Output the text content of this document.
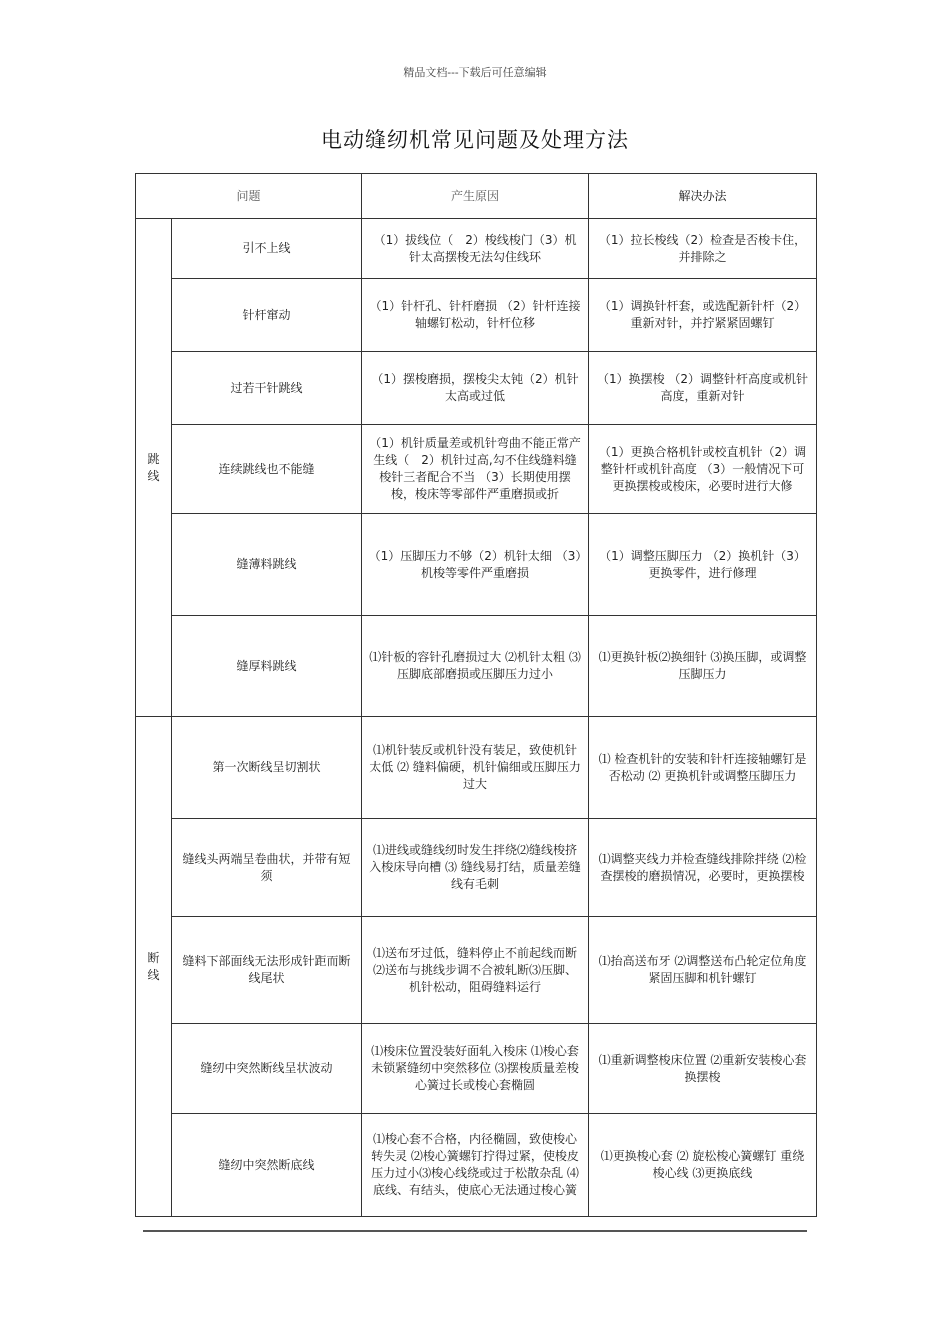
精品文档---下载后可任意编辑
电动缝纫机常见问题及处理方法
问题		产生原因	解决办法
跳线	引不上线	（1）拔线位（　2）梭线梭门（3）机针太高摆梭无法勾住线环	（1）拉长梭线（2）检查是否梭卡住，并排除之
	针杆窜动	（1）针杆孔、针杆磨损 （2）针杆连接轴螺钉松动，针杆位移	（1）调换针杆套，或选配新针杆（2）重新对针，并拧紧紧固螺钉
	过若干针跳线	（1）摆梭磨损，摆梭尖太钝（2）机针太高或过低	（1）换摆梭 （2）调整针杆高度或机针高度，重新对针
	连续跳线也不能缝	（1）机针质量差或机针弯曲不能正常产生线（　2）机针过高,勾不住线缝料缝梭针三者配合不当 （3）长期使用摆梭，梭床等零部件严重磨损或折	（1）更换合格机针或校直机针（2）调整针杆或机针高度 （3）一般情况下可更换摆梭或梭床，必要时进行大修
	缝薄料跳线	（1）压脚压力不够（2）机针太细 （3）机梭等零件严重磨损	（1）调整压脚压力 （2）换机针（3）更换零件，进行修理
	缝厚料跳线	⑴针板的容针孔磨损过大 ⑵机针太粗 ⑶压脚底部磨损或压脚压力过小	⑴更换针板⑵换细针 ⑶换压脚，或调整压脚压力
断线	第一次断线呈切割状	⑴机针装反或机针没有装足，致使机针太低 ⑵ 缝料偏硬，机针偏细或压脚压力过大	⑴ 检查机针的安装和针杆连接轴螺钉是否松动 ⑵ 更换机针或调整压脚压力
	缝线头两端呈卷曲状，并带有短须	⑴进线或缝线纫时发生拌绕⑵缝线梭挤入梭床导向槽 ⑶ 缝线易打结，质量差缝线有毛刺	⑴调整夹线力并检查缝线排除拌绕 ⑵检查摆梭的磨损情况，必要时，更换摆梭
	缝料下部面线无法形成针距而断线尾状	⑴送布牙过低，缝料停止不前起线而断 ⑵送布与挑线步调不合被轧断⑶压脚、机针松动，阻碍缝料运行	⑴抬高送布牙 ⑵调整送布凸轮定位角度 紧固压脚和机针螺钉
	缝纫中突然断线呈状波动	⑴梭床位置没装好面轧入梭床 ⑴梭心套未锁紧缝纫中突然移位 ⑶摆梭质量差梭心簧过长或梭心套椭圆	⑴重新调整梭床位置 ⑵重新安装梭心套换摆梭
	缝纫中突然断底线	⑴梭心套不合格，内径椭圆，致使梭心转失灵 ⑵梭心簧螺钉拧得过紧，使梭皮压力过小⑶梭心线绕或过于松散杂乱 ⑷ 底线、有结头，使底心无法通过梭心簧	⑴更换梭心套 ⑵ 旋松梭心簧螺钉 重绕梭心线 ⑶更换底线
